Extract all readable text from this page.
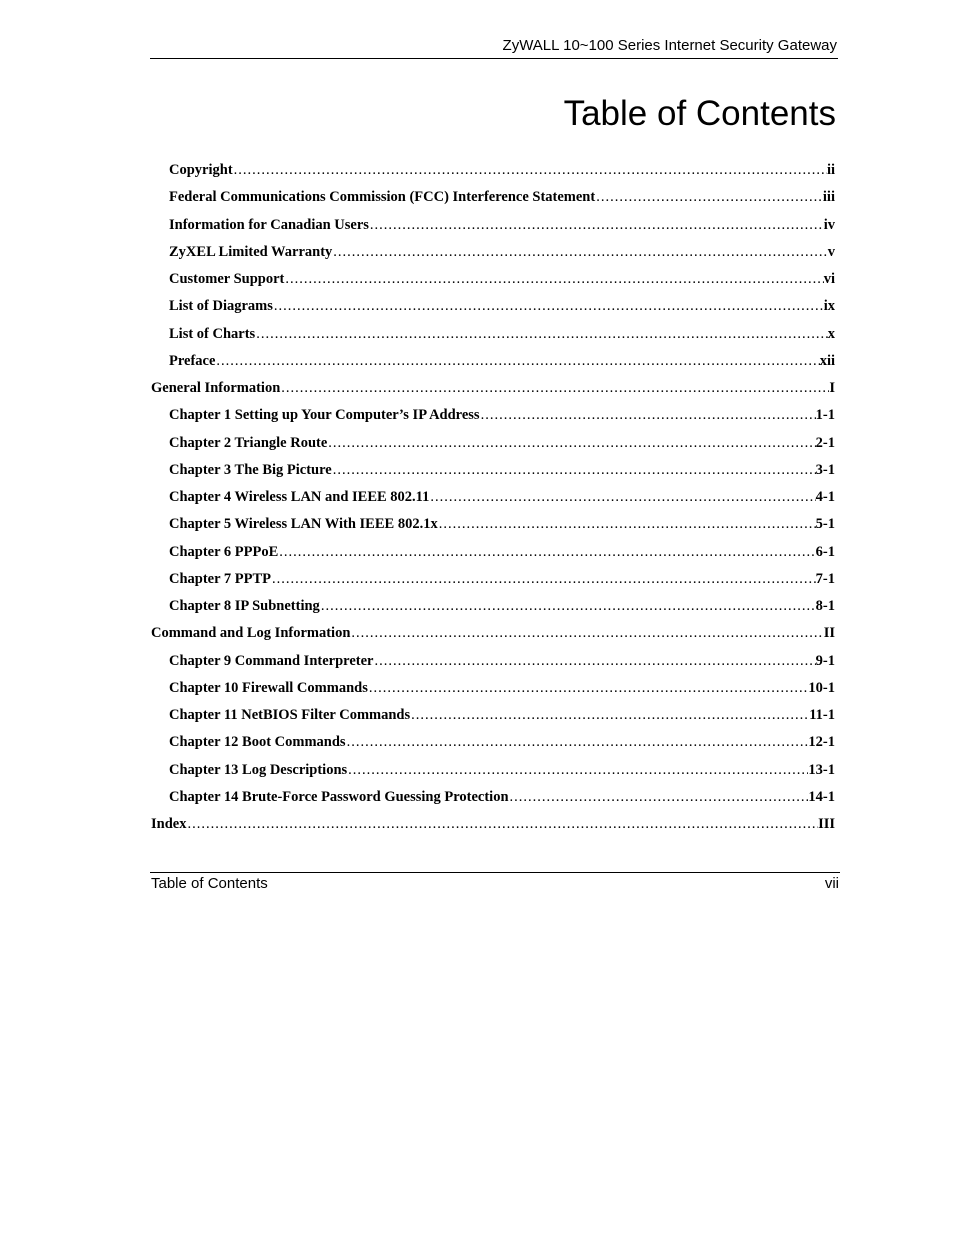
ZyWALL 10~100 Series Internet Security Gateway
Table of Contents
Copyright .....	ii
Federal Communications Commission (FCC) Interference Statement .....	iii
Information for Canadian Users .....	iv
ZyXEL Limited Warranty .....	v
Customer Support .....	vi
List of Diagrams .....	ix
List of Charts .....	x
Preface .....	xii
General Information .....	I
Chapter 1 Setting up Your Computer’s IP Address .....	1-1
Chapter 2 Triangle Route .....	2-1
Chapter 3 The Big Picture .....	3-1
Chapter 4 Wireless LAN and IEEE 802.11 .....	4-1
Chapter 5 Wireless LAN With IEEE 802.1x .....	5-1
Chapter 6 PPPoE .....	6-1
Chapter 7 PPTP .....	7-1
Chapter 8 IP Subnetting .....	8-1
Command and Log Information .....	II
Chapter 9 Command Interpreter .....	9-1
Chapter 10 Firewall Commands .....	10-1
Chapter 11 NetBIOS Filter Commands .....	11-1
Chapter 12 Boot Commands .....	12-1
Chapter 13 Log Descriptions .....	13-1
Chapter 14 Brute-Force Password Guessing Protection .....	14-1
Index .....	III
Table of Contents	vii
